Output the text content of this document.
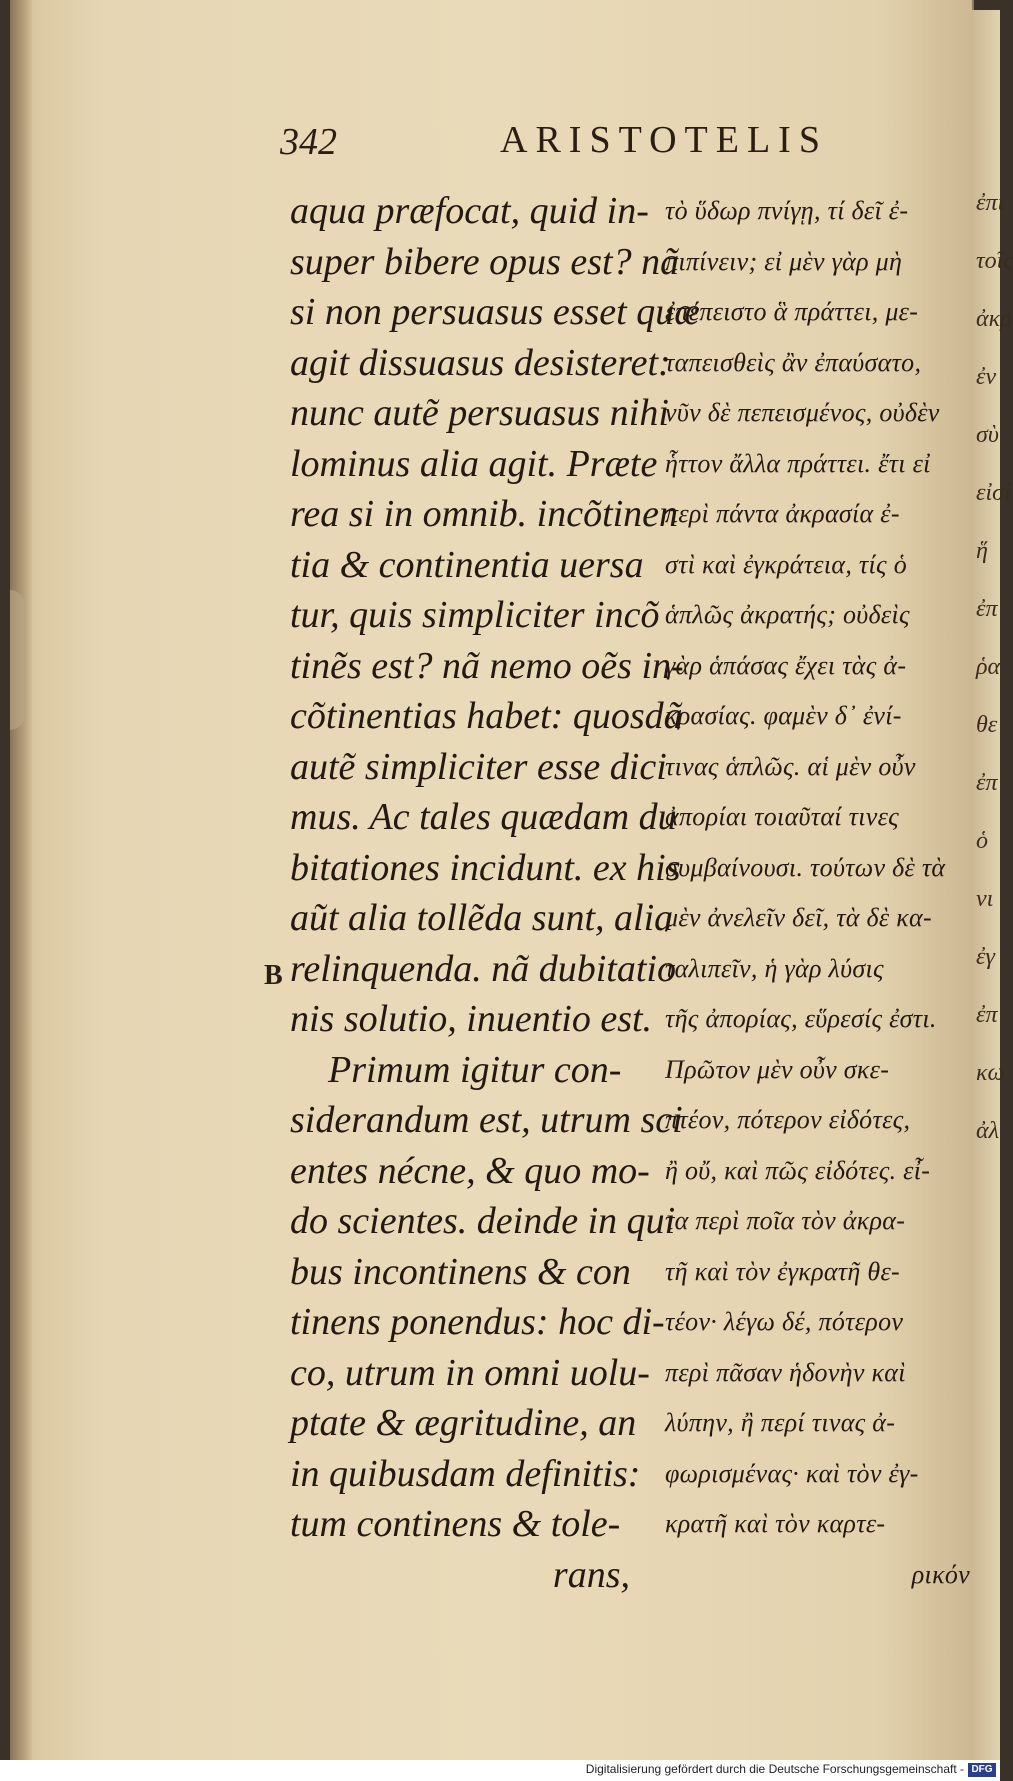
342	ARISTOTELIS
aqua præfocat, quid in-
super bibere opus est? nã
si non persuasus esset quæ
agit dissuasus desisteret:
nunc autẽ persuasus nihi
lominus alia agit. Præte
rea si in omnib. incõtinen
tia & continentia uersa
tur, quis simpliciter incõ
tinẽs est? nã nemo oẽs in-
cõtinentias habet: quosdã
autẽ simpliciter esse dici
mus. Ac tales quædam du
bitationes incidunt. ex his
aũt alia tollẽda sunt, alia
relinquenda. nã dubitatio
nis solutio, inuentio est.
Primum igitur con-
siderandum est, utrum sci
entes nécne, & quo mo-
do scientes. deinde in qui
bus incontinens & con
tinens ponendus: hoc di-
co, utrum in omni uolu-
ptate & ægritudine, an
in quibusdam definitis:
tum continens & tole-
rans,
τὸ ὕδωρ πνίγῃ, τί δεῖ ἐ-
πιπίνειν; εἰ μὲν γὰρ μὴ
ἐπέπειστο ἃ πράττει, με-
ταπεισθεὶς ἂν ἐπαύσατο,
νῦν δὲ πεπεισμένος, οὐδὲν
ἧττον ἄλλα πράττει. ἔτι εἰ
περὶ πάντα ἀκρασία ἐ-
στὶ καὶ ἐγκράτεια, τίς ὁ
ἁπλῶς ἀκρατής; οὐδεὶς
γὰρ ἁπάσας ἔχει τὰς ἀ-
κρασίας. φαμὲν δ᾽ ἐνί-
τινας ἁπλῶς. αἱ μὲν οὖν
ἀπορίαι τοιαῦταί τινες
συμβαίνουσι. τούτων δὲ τὰ
μὲν ἀνελεῖν δεῖ, τὰ δὲ κα-
ταλιπεῖν, ἡ γὰρ λύσις
τῆς ἀπορίας, εὕρεσίς ἐστι.
Πρῶτον μὲν οὖν σκε-
πτέον, πότερον εἰδότες,
ἢ οὔ, καὶ πῶς εἰδότες. εἶ-
τα περὶ ποῖα τὸν ἀκρα-
τῆ καὶ τὸν ἐγκρατῆ θε-
τέον· λέγω δέ, πότερον
περὶ πᾶσαν ἡδονὴν καὶ
λύπην, ἢ περί τινας ἀ-
φωρισμένας· καὶ τὸν ἐγ-
κρατῆ καὶ τὸν καρτε-
ρικόν
B
ἐπι
τοῖς
ἀκρ
ἐν
σὺ
εἰσί
ἥ
ἐπ
ῥα
θε
ἐπ
ὁ
νι
ἐγ
ἐπ
κω
ἀλ
Digitalisierung gefördert durch die Deutsche Forschungsgemeinschaft - DFG
